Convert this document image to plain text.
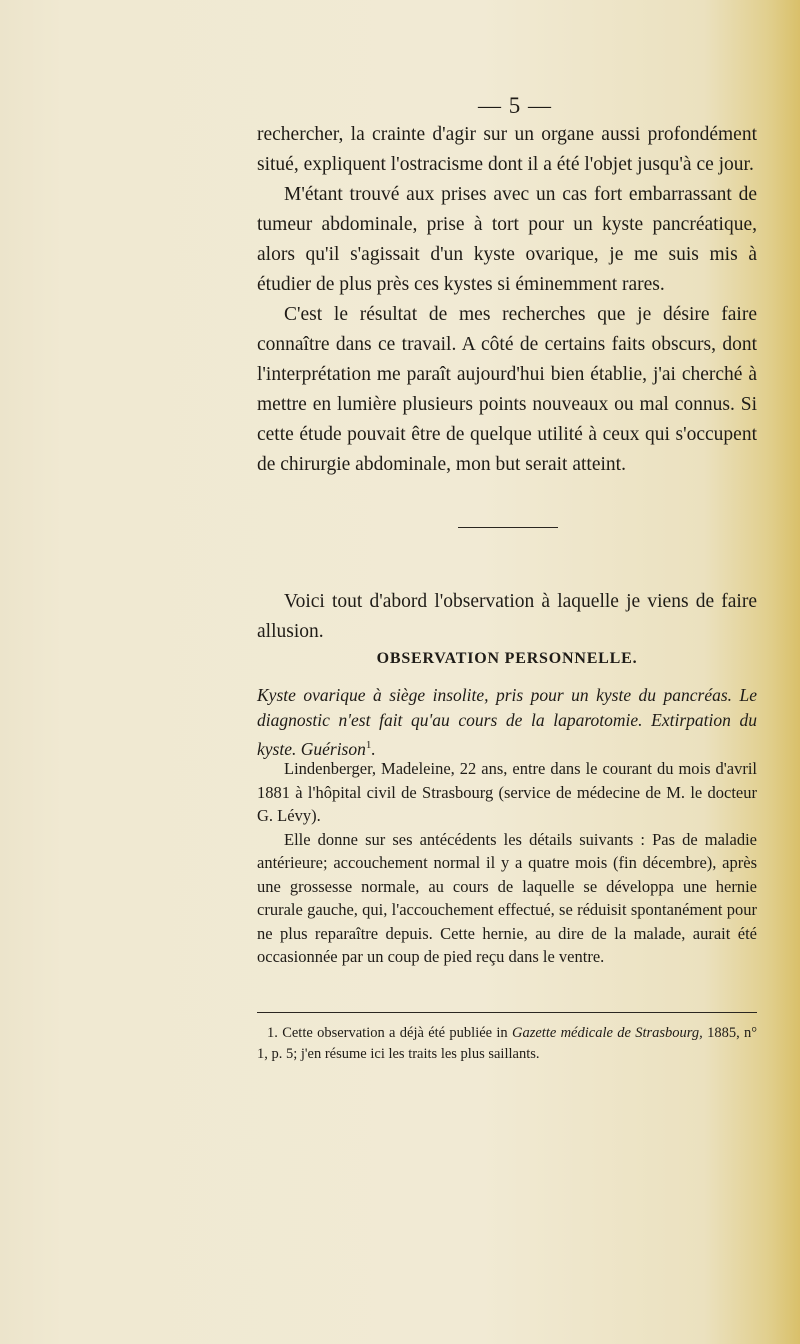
— 5 —

rechercher, la crainte d'agir sur un organe aussi profondément situé, expliquent l'ostracisme dont il a été l'objet jusqu'à ce jour.

M'étant trouvé aux prises avec un cas fort embarrassant de tumeur abdominale, prise à tort pour un kyste pancréatique, alors qu'il s'agissait d'un kyste ovarique, je me suis mis à étudier de plus près ces kystes si éminemment rares.

C'est le résultat de mes recherches que je désire faire connaître dans ce travail. A côté de certains faits obscurs, dont l'interprétation me paraît aujourd'hui bien établie, j'ai cherché à mettre en lumière plusieurs points nouveaux ou mal connus. Si cette étude pouvait être de quelque utilité à ceux qui s'occupent de chirurgie abdominale, mon but serait atteint.

Voici tout d'abord l'observation à laquelle je viens de faire allusion.

OBSERVATION PERSONNELLE.

Kyste ovarique à siège insolite, pris pour un kyste du pancréas. Le diagnostic n'est fait qu'au cours de la laparotomie. Extirpation du kyste. Guérison$^1$.

Lindenberger, Madeleine, 22 ans, entre dans le courant du mois d'avril 1881 à l'hôpital civil de Strasbourg (service de médecine de M. le docteur G. Lévy).

Elle donne sur ses antécédents les détails suivants : Pas de maladie antérieure; accouchement normal il y a quatre mois (fin décembre), après une grossesse normale, au cours de laquelle se développa une hernie crurale gauche, qui, l'accouchement effectué, se réduisit spontanément pour ne plus reparaître depuis. Cette hernie, au dire de la malade, aurait été occasionnée par un coup de pied reçu dans le ventre.

1. Cette observation a déjà été publiée in Gazette médicale de Strasbourg, 1885, n° 1, p. 5; j'en résume ici les traits les plus saillants.
